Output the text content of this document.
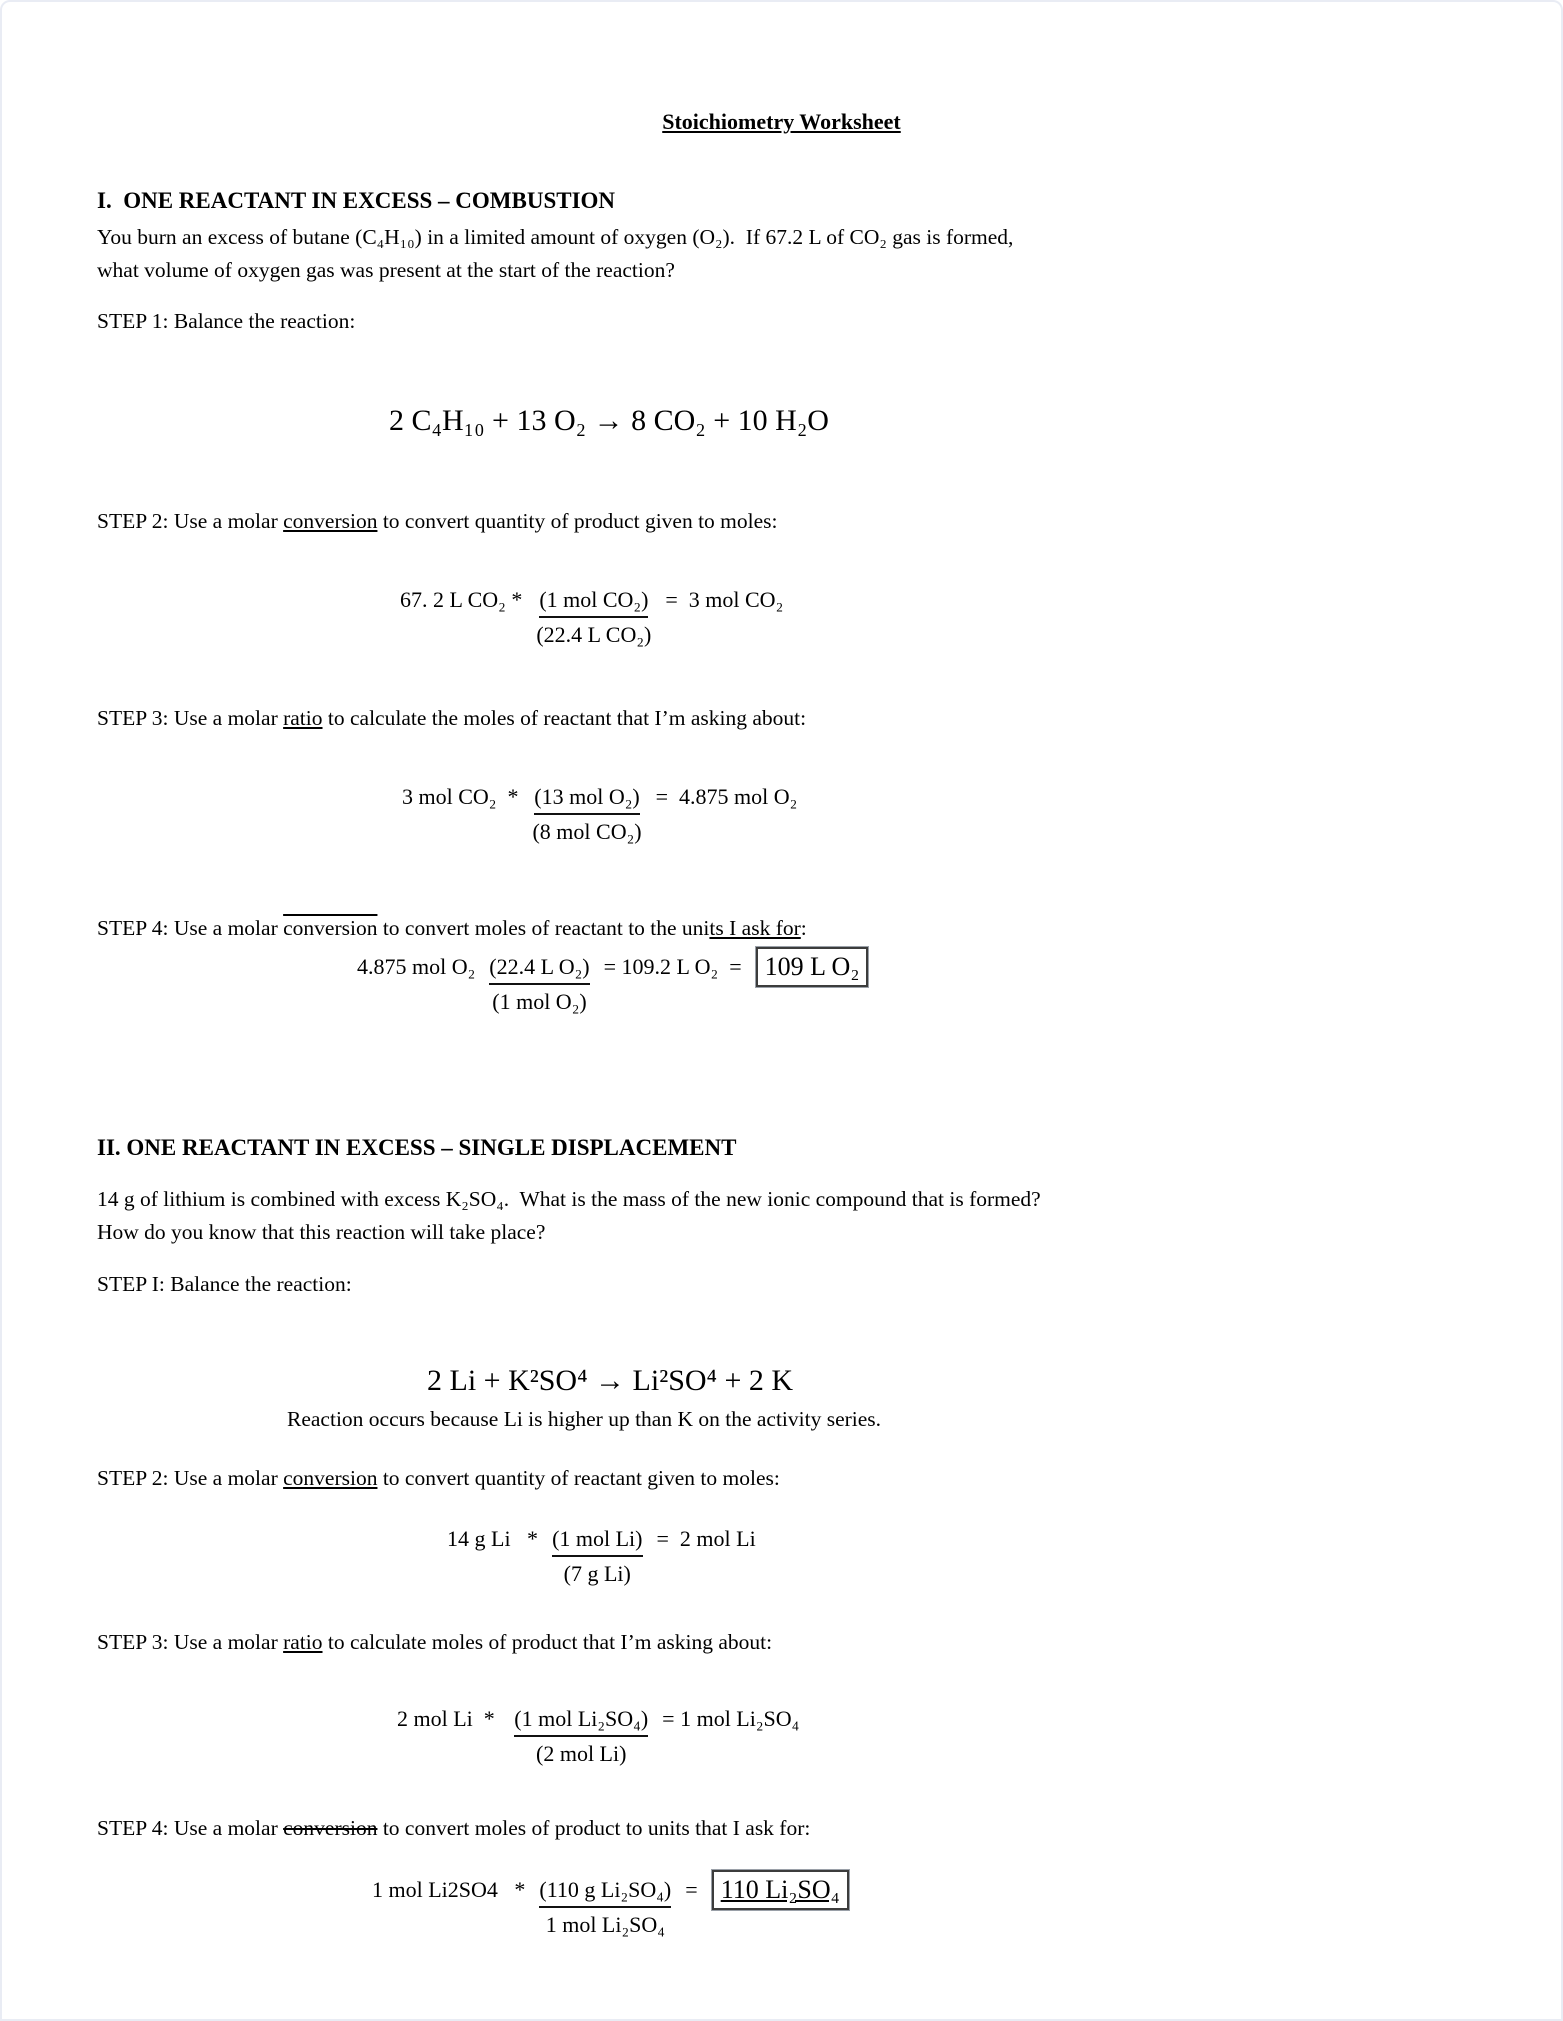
Stoichiometry Worksheet
I.  ONE REACTANT IN EXCESS – COMBUSTION
You burn an excess of butane (C₄H₁₀) in a limited amount of oxygen (O₂).  If 67.2 L of CO₂ gas is formed,
what volume of oxygen gas was present at the start of the reaction?
STEP 1: Balance the reaction:
2 C₄H₁₀ + 13 O₂ → 8 CO₂ + 10 H₂O
STEP 2: Use a molar conversion to convert quantity of product given to moles:
67. 2 L $CO_2 * \frac{\text{(1 mol CO₂)}}{\text{(22.4 L CO₂)}} = 3$ mol CO₂
STEP 3: Use a molar ratio to calculate the moles of reactant that I’m asking about:
3 mol $CO_2 * \frac{\text{(13 mol O₂)}}{\text{(8 mol CO₂)}} = 4.875$ mol O₂
STEP 4: Use a molar conversion to convert moles of reactant to the units I ask for:
4.875 mol $O_2 \frac{\text{(22.4 L O₂)}}{\text{(1 mol O₂)}} = 109.2$ L O₂  = 109 L O₂
II. ONE REACTANT IN EXCESS – SINGLE DISPLACEMENT
14 g of lithium is combined with excess K₂SO₄.  What is the mass of the new ionic compound that is formed?
How do you know that this reaction will take place?
STEP I: Balance the reaction:
2 Li + K²SO⁴ → Li²SO⁴ + 2 K
Reaction occurs because Li is higher up than K on the activity series.
STEP 2: Use a molar conversion to convert quantity of reactant given to moles:
14 g $Li * \frac{\text{(1 mol Li)}}{\text{(7 g Li)}} = 2$ mol Li
STEP 3: Use a molar ratio to calculate moles of product that I’m asking about:
2 mol $Li * \frac{\text{(1 mol Li₂SO₄)}}{\text{(2 mol Li)}} = 1$ mol Li₂SO₄
STEP 4: Use a molar conversion to convert moles of product to units that I ask for:
1 mol $Li2SO4 * \frac{\text{(110 g Li₂SO₄)}}{\text{1 mol Li₂SO₄}} = 110$ Li₂SO₄
